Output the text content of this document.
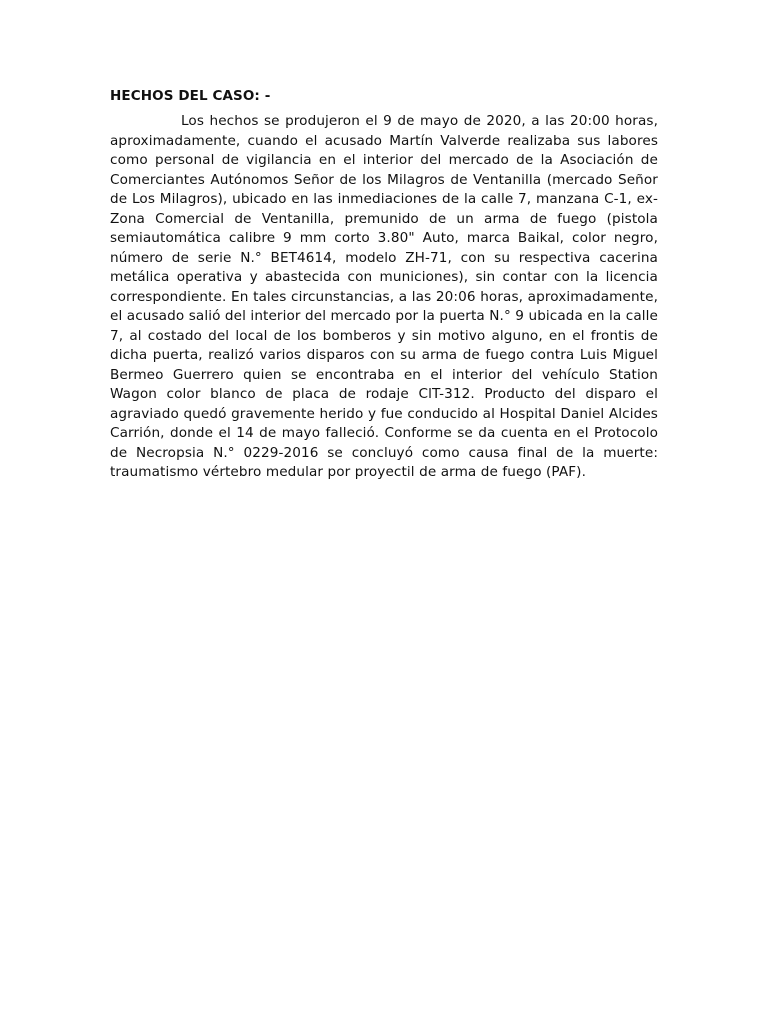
HECHOS DEL CASO: -

Los hechos se produjeron el 9 de mayo de 2020, a las 20:00 horas, aproximadamente, cuando el acusado Martín Valverde realizaba sus labores como personal de vigilancia en el interior del mercado de la Asociación de Comerciantes Autónomos Señor de los Milagros de Ventanilla (mercado Señor de Los Milagros), ubicado en las inmediaciones de la calle 7, manzana C-1, ex-Zona Comercial de Ventanilla, premunido de un arma de fuego (pistola semiautomática calibre 9 mm corto 3.80" Auto, marca Baikal, color negro, número de serie N.° BET4614, modelo ZH-71, con su respectiva cacerina metálica operativa y abastecida con municiones), sin contar con la licencia correspondiente. En tales circunstancias, a las 20:06 horas, aproximadamente, el acusado salió del interior del mercado por la puerta N.° 9 ubicada en la calle 7, al costado del local de los bomberos y sin motivo alguno, en el frontis de dicha puerta, realizó varios disparos con su arma de fuego contra Luis Miguel Bermeo Guerrero quien se encontraba en el interior del vehículo Station Wagon color blanco de placa de rodaje ClT-312. Producto del disparo el agraviado quedó gravemente herido y fue conducido al Hospital Daniel Alcides Carrión, donde el 14 de mayo falleció. Conforme se da cuenta en el Protocolo de Necropsia N.° 0229-2016 se concluyó como causa final de la muerte: traumatismo vértebro medular por proyectil de arma de fuego (PAF).
